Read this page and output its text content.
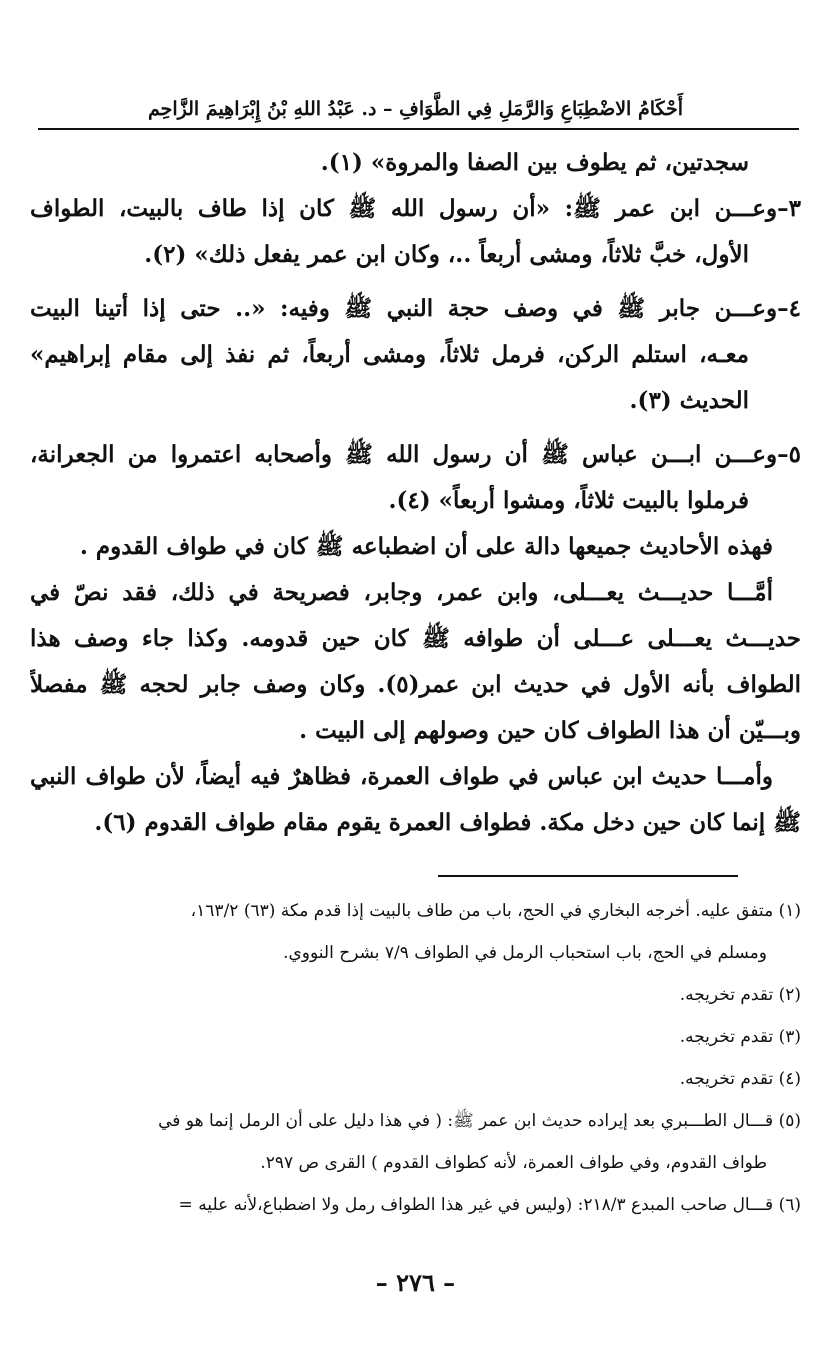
أَحْكَامُ الاضْطِبَاعِ وَالرَّمَلِ فِي الطَّوَافِ – د. عَبْدُ اللهِ بْنُ إِبْرَاهِيمَ الزَّاحِم
سجدتين، ثم يطوف بين الصفا والمروة» (١).
٣–وعـــن ابن عمر ﷺ: «أن رسول الله ﷺ كان إذا طاف بالبيت، الطواف
الأول، خبَّ ثلاثاً، ومشى أربعاً ..، وكان ابن عمر يفعل ذلك» (٢).
٤–وعـــن جابر ﷺ في وصف حجة النبي ﷺ وفيه: «.. حتى إذا أتينا البيت
معـه، استلم الركن، فرمل ثلاثاً، ومشى أربعاً، ثم نفذ إلى مقام إبراهيم»
الحديث (٣).
٥–وعـــن ابـــن عباس ﷺ أن رسول الله ﷺ وأصحابه اعتمروا من الجعرانة،
فرملوا بالبيت ثلاثاً، ومشوا أربعاً» (٤).
فهذه الأحاديث جميعها دالة على أن اضطباعه ﷺ كان في طواف القدوم .
أمَّـــا حديـــث يعـــلى، وابن عمر، وجابر، فصريحة في ذلك، فقد نصّ في
حديـــث يعـــلى عـــلى أن طوافه ﷺ كان حين قدومه. وكذا جاء وصف هذا
الطواف بأنه الأول في حديث ابن عمر(٥). وكان وصف جابر لحجه ﷺ مفصلاً
وبـــيّن أن هذا الطواف كان حين وصولهم إلى البيت .
وأمـــا حديث ابن عباس في طواف العمرة، فظاهرٌ فيه أيضاً، لأن طواف النبي
ﷺ إنما كان حين دخل مكة. فطواف العمرة يقوم مقام طواف القدوم (٦).
(١) متفق عليه. أخرجه البخاري في الحج، باب من طاف بالبيت إذا قدم مكة (٦٣) ١٦٣/٢،
ومسلم في الحج، باب استحباب الرمل في الطواف ٧/٩ بشرح النووي.
(٢) تقدم تخريجه.
(٣) تقدم تخريجه.
(٤) تقدم تخريجه.
(٥) قـــال الطـــبري بعد إيراده حديث ابن عمر ﷺ: ( في هذا دليل على أن الرمل إنما هو في
طواف القدوم، وفي طواف العمرة، لأنه كطواف القدوم ) القرى ص ٢٩٧.
(٦) قـــال صاحب المبدع ٢١٨/٣: (وليس في غير هذا الطواف رمل ولا اضطباع،لأنه عليه =
– ٢٧٦ –
